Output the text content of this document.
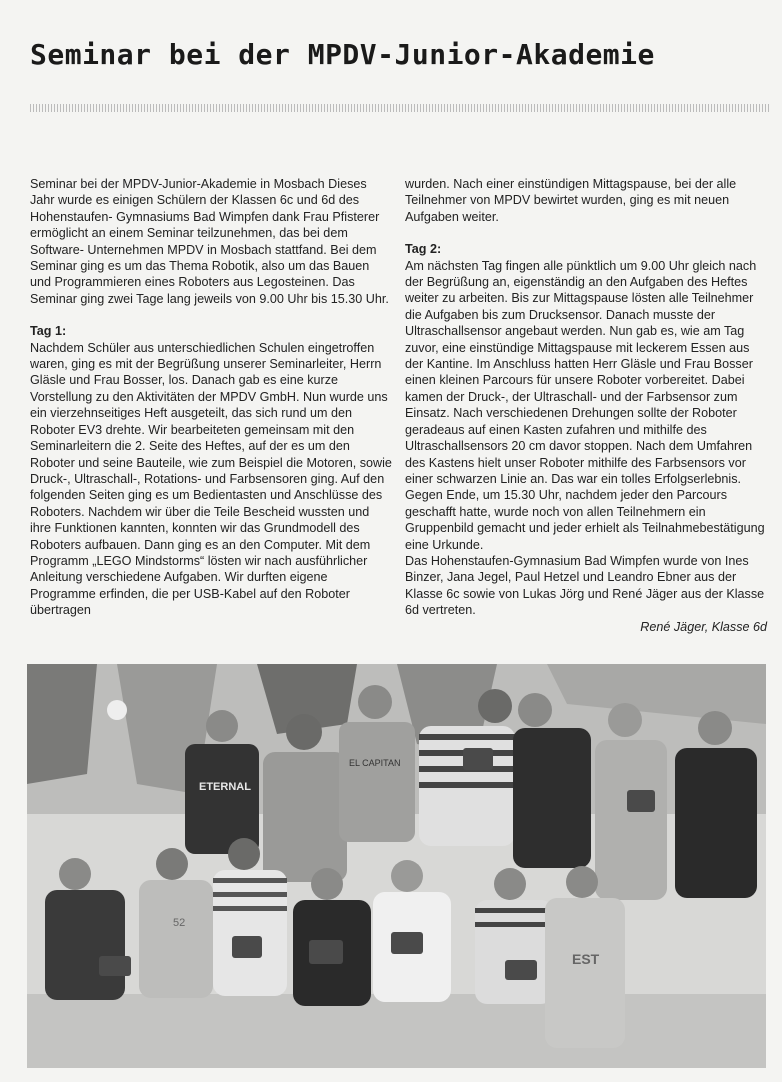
Seminar bei der MPDV-Junior-Akademie

Seminar bei der MPDV-Junior-Akademie in Mosbach Dieses Jahr wurde es einigen Schülern der Klassen 6c und 6d des Hohenstaufen- Gymnasiums Bad Wimpfen dank Frau Pfisterer ermöglicht an einem Seminar teilzunehmen, das bei dem Software- Unternehmen MPDV in Mosbach stattfand. Bei dem Seminar ging es um das Thema Robotik, also um das Bauen und Programmieren eines Roboters aus Legosteinen. Das Seminar ging zwei Tage lang jeweils von 9.00 Uhr bis 15.30 Uhr.

Tag 1:

Nachdem Schüler aus unterschiedlichen Schulen eingetroffen waren, ging es mit der Begrüßung unserer Seminarleiter, Herrn Gläsle und Frau Bosser, los. Danach gab es eine kurze Vorstellung zu den Aktivitäten der MPDV GmbH. Nun wurde uns ein vierzehnseitiges Heft ausgeteilt, das sich rund um den Roboter EV3 drehte. Wir bearbeiteten gemeinsam mit den Seminarleitern die 2. Seite des Heftes, auf der es um den Roboter und seine Bauteile, wie zum Beispiel die Motoren, sowie Druck-, Ultraschall-, Rotations- und Farbsensoren ging. Auf den folgenden Seiten ging es um Bedientasten und Anschlüsse des Roboters. Nachdem wir über die Teile Bescheid wussten und ihre Funktionen kannten, konnten wir das Grundmodell des Roboters aufbauen. Dann ging es an den Computer. Mit dem Programm „LEGO Mindstorms“ lösten wir nach ausführlicher Anleitung verschiedene Aufgaben. Wir durften eigene Programme erfinden, die per USB-Kabel auf den Roboter übertragen

wurden. Nach einer einstündigen Mittagspause, bei der alle Teilnehmer von MPDV bewirtet wurden, ging es mit neuen Aufgaben weiter.

Tag 2:

Am nächsten Tag fingen alle pünktlich um 9.00 Uhr gleich nach der Begrüßung an, eigenständig an den Aufgaben des Heftes weiter zu arbeiten. Bis zur Mittagspause lösten alle Teilnehmer die Aufgaben bis zum Drucksensor. Danach musste der Ultraschallsensor angebaut werden. Nun gab es, wie am Tag zuvor, eine einstündige Mittagspause mit leckerem Essen aus der Kantine. Im Anschluss hatten Herr Gläsle und Frau Bosser einen kleinen Parcours für unsere Roboter vorbereitet. Dabei kamen der Druck-, der Ultraschall- und der Farbsensor zum Einsatz. Nach verschiedenen Drehungen sollte der Roboter geradeaus auf einen Kasten zufahren und mithilfe des Ultraschallsensors 20 cm davor stoppen. Nach dem Umfahren des Kastens hielt unser Roboter mithilfe des Farbsensors vor einer schwarzen Linie an. Das war ein tolles Erfolgserlebnis. Gegen Ende, um 15.30 Uhr, nachdem jeder den Parcours geschafft hatte, wurde noch von allen Teilnehmern ein Gruppenbild gemacht und jeder erhielt als Teilnahmebestätigung eine Urkunde.

Das Hohenstaufen-Gymnasium Bad Wimpfen wurde von Ines Binzer, Jana Jegel, Paul Hetzel und Leandro Ebner aus der Klasse 6c sowie von Lukas Jörg und René Jäger aus der Klasse 6d vertreten.

René Jäger, Klasse 6d

ETERNAL
EL CAPITAN
52
EST
